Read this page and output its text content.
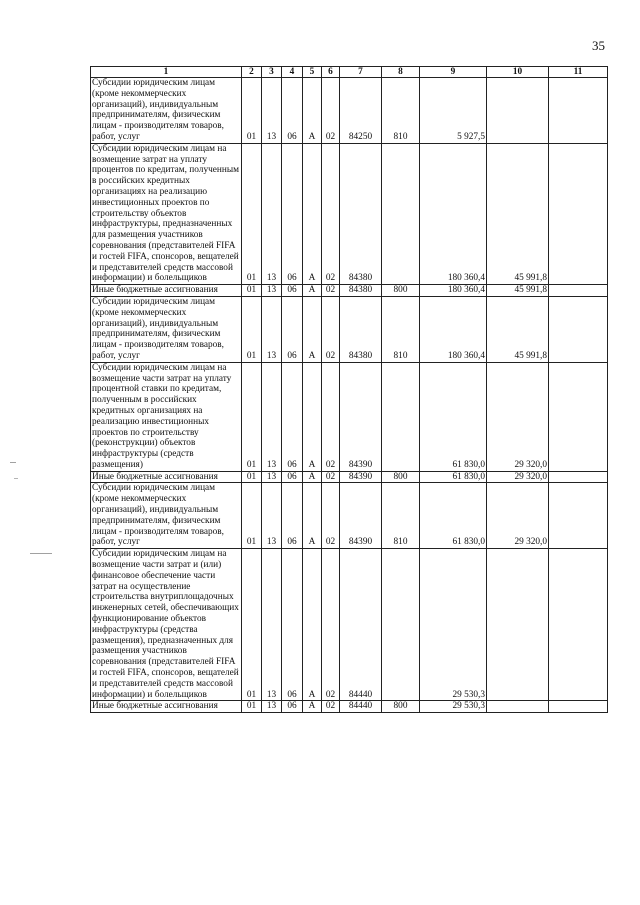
35
1	2	3	4	5	6	7	8	9	10	11
Субсидии юридическим лицам (кроме некоммерческих организаций), индивидуальным предпринимателям, физическим лицам - производителям товаров, работ, услуг	01	13	06	А	02	84250	810	5 927,5		
Субсидии юридическим лицам на возмещение затрат на уплату процентов по кредитам, полученным в российских кредитных организациях на реализацию инвестиционных проектов по строительству объектов инфраструктуры, предназначенных для размещения участников соревнования (представителей FIFA и гостей FIFA, спонсоров, вещателей и представителей средств массовой информации) и болельщиков	01	13	06	А	02	84380		180 360,4	45 991,8	
Иные бюджетные ассигнования	01	13	06	А	02	84380	800	180 360,4	45 991,8	
Субсидии юридическим лицам (кроме некоммерческих организаций), индивидуальным предпринимателям, физическим лицам - производителям товаров, работ, услуг	01	13	06	А	02	84380	810	180 360,4	45 991,8	
Субсидии юридическим лицам на возмещение части затрат на уплату процентной ставки по кредитам, полученным в российских кредитных организациях на реализацию инвестиционных проектов по строительству (реконструкции) объектов инфраструктуры (средств размещения)	01	13	06	А	02	84390		61 830,0	29 320,0	
Иные бюджетные ассигнования	01	13	06	А	02	84390	800	61 830,0	29 320,0	
Субсидии юридическим лицам (кроме некоммерческих организаций), индивидуальным предпринимателям, физическим лицам - производителям товаров, работ, услуг	01	13	06	А	02	84390	810	61 830,0	29 320,0	
Субсидии юридическим лицам на возмещение части затрат и (или) финансовое обеспечение части затрат на осуществление строительства внутриплощадочных инженерных сетей, обеспечивающих функционирование объектов инфраструктуры (средства размещения), предназначенных для размещения участников соревнования (представителей FIFA и гостей FIFA, спонсоров, вещателей и представителей средств массовой информации) и болельщиков	01	13	06	А	02	84440		29 530,3		
Иные бюджетные ассигнования	01	13	06	А	02	84440	800	29 530,3		
